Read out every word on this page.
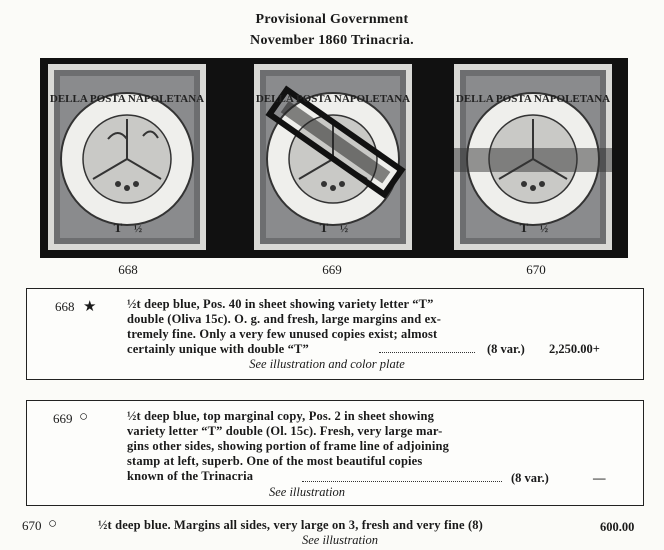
Provisional Government
November 1860 Trinacria.
DELLA POSTA NAPOLETANA
T ½
DELLA POSTA NAPOLETANA
T ½
DELLA POSTA NAPOLETANA
T ½
668	669	670
668 ★ ½t deep blue, Pos. 40 in sheet showing variety letter “T”
double (Oliva 15c). O. g. and fresh, large margins and ex-
tremely fine. Only a very few unused copies exist; almost
certainly unique with double “T”	(8 var.) 2,250.00+
See illustration and color plate
669 ○	½t deep blue, top marginal copy, Pos. 2 in sheet showing
variety letter “T” double (Ol. 15c). Fresh, very large mar-
gins other sides, showing portion of frame line of adjoining
stamp at left, superb. One of the most beautiful copies
known of the Trinacria	(8 var.)	—
See illustration
670 ○	½t deep blue. Margins all sides, very large on 3, fresh and very fine (8)	600.00
See illustration
